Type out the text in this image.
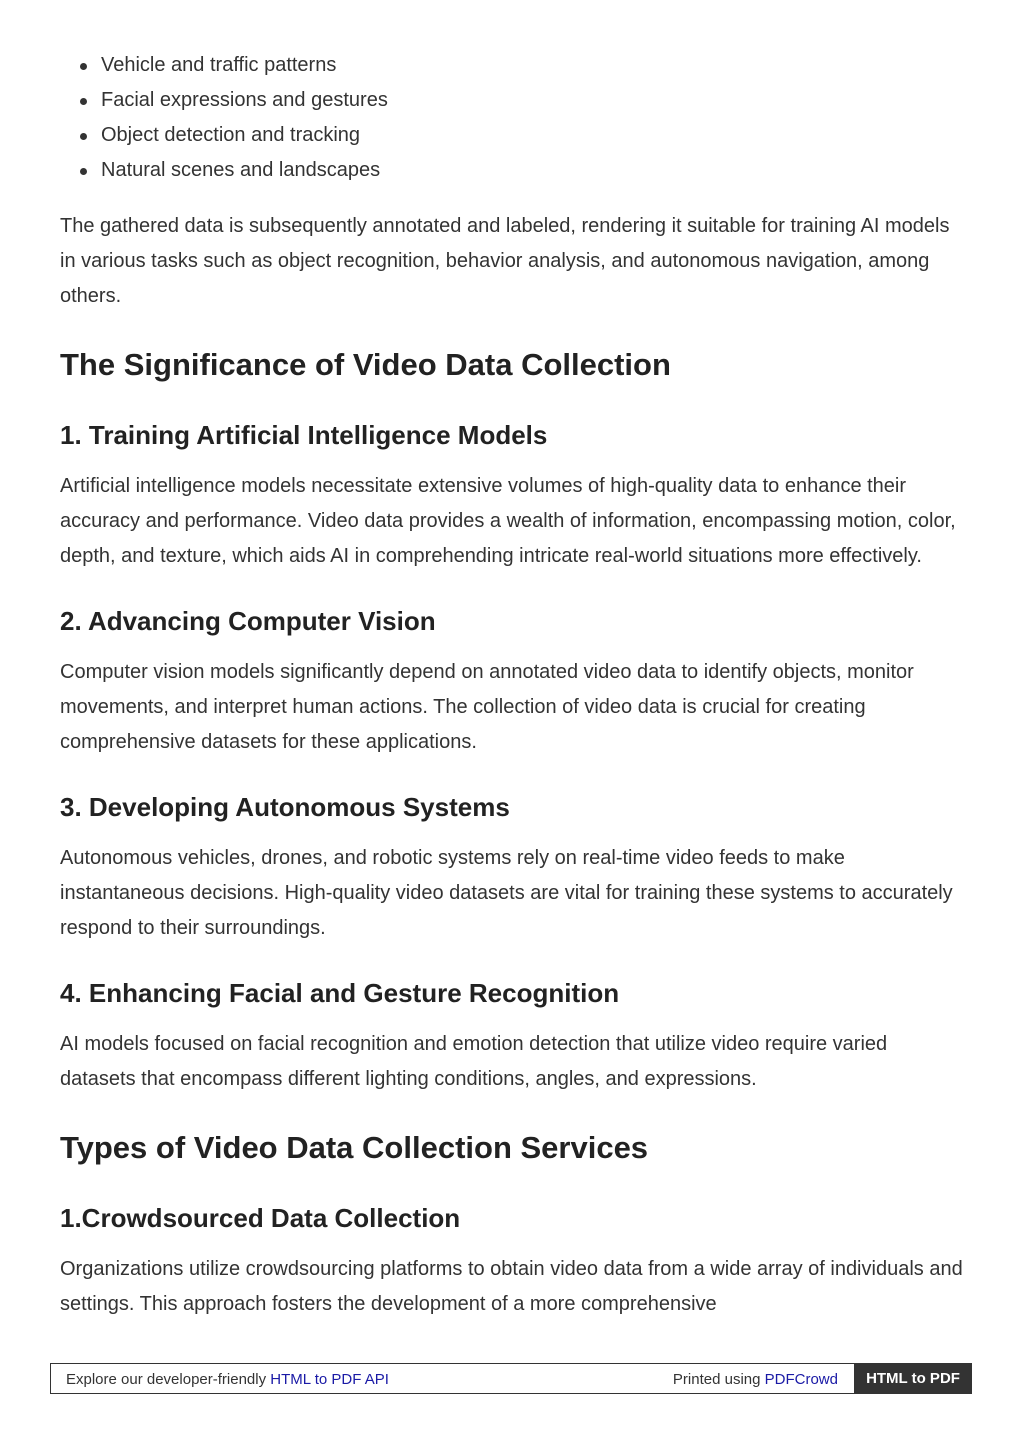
Vehicle and traffic patterns
Facial expressions and gestures
Object detection and tracking
Natural scenes and landscapes

The gathered data is subsequently annotated and labeled, rendering it suitable for training AI models in various tasks such as object recognition, behavior analysis, and autonomous navigation, among others.

The Significance of Video Data Collection
1. Training Artificial Intelligence Models

Artificial intelligence models necessitate extensive volumes of high-quality data to enhance their accuracy and performance. Video data provides a wealth of information, encompassing motion, color, depth, and texture, which aids AI in comprehending intricate real-world situations more effectively.

2. Advancing Computer Vision

Computer vision models significantly depend on annotated video data to identify objects, monitor movements, and interpret human actions. The collection of video data is crucial for creating comprehensive datasets for these applications.

3. Developing Autonomous Systems

Autonomous vehicles, drones, and robotic systems rely on real-time video feeds to make instantaneous decisions. High-quality video datasets are vital for training these systems to accurately respond to their surroundings.

4. Enhancing Facial and Gesture Recognition

AI models focused on facial recognition and emotion detection that utilize video require varied datasets that encompass different lighting conditions, angles, and expressions.

Types of Video Data Collection Services
1.Crowdsourced Data Collection

Organizations utilize crowdsourcing platforms to obtain video data from a wide array of individuals and settings. This approach fosters the development of a more comprehensive

Explore our developer-friendly HTML to PDF API	Printed using PDFCrowd	HTML to PDF
